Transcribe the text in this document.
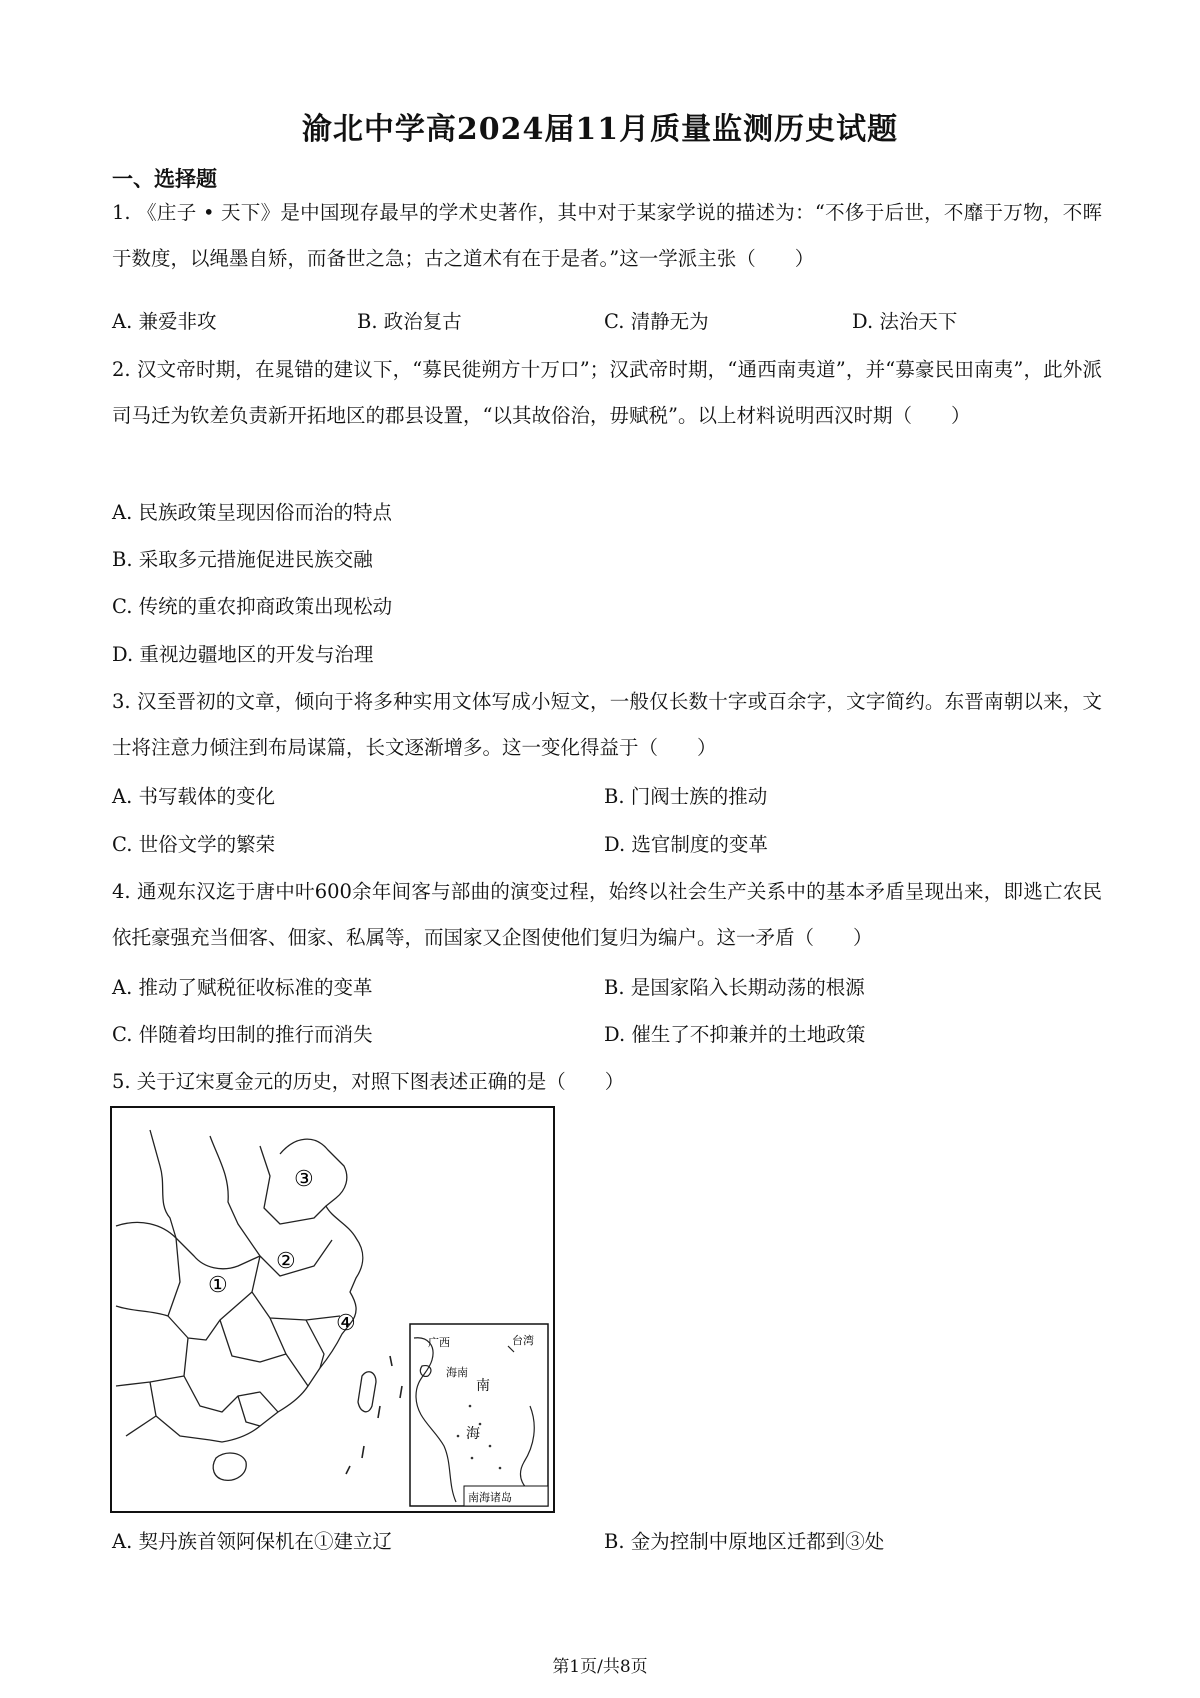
渝北中学高2024届11月质量监测历史试题
一、选择题

1. 《庄子 • 天下》是中国现存最早的学术史著作，其中对于某家学说的描述为：“不侈于后世，不靡于万物，不晖于数度，以绳墨自矫，而备世之急；古之道术有在于是者。”这一学派主张（　　）

A. 兼爱非攻	B. 政治复古	C. 清静无为	D. 法治天下

2. 汉文帝时期，在晁错的建议下，“募民徙朔方十万口”；汉武帝时期，“通西南夷道”，并“募豪民田南夷”，此外派司马迁为钦差负责新开拓地区的郡县设置，“以其故俗治，毋赋税”。以上材料说明西汉时期（　　）

A. 民族政策呈现因俗而治的特点
B. 采取多元措施促进民族交融
C. 传统的重农抑商政策出现松动
D. 重视边疆地区的开发与治理

3. 汉至晋初的文章，倾向于将多种实用文体写成小短文，一般仅长数十字或百余字，文字简约。东晋南朝以来，文士将注意力倾注到布局谋篇，长文逐渐增多。这一变化得益于（　　）

A. 书写载体的变化	B. 门阀士族的推动
C. 世俗文学的繁荣	D. 选官制度的变革

4. 通观东汉迄于唐中叶600余年间客与部曲的演变过程，始终以社会生产关系中的基本矛盾呈现出来，即逃亡农民依托豪强充当佃客、佃家、私属等，而国家又企图使他们复归为编户。这一矛盾（　　）

A. 推动了赋税征收标准的变革	B. 是国家陷入长期动荡的根源
C. 伴随着均田制的推行而消失	D. 催生了不抑兼并的土地政策
5. 关于辽宋夏金元的历史，对照下图表述正确的是（　　）
广西	台湾
海南
南
海
南海诸岛
①
②
③
④
A. 契丹族首领阿保机在①建立辽	B. 金为控制中原地区迁都到③处
第1页/共8页
